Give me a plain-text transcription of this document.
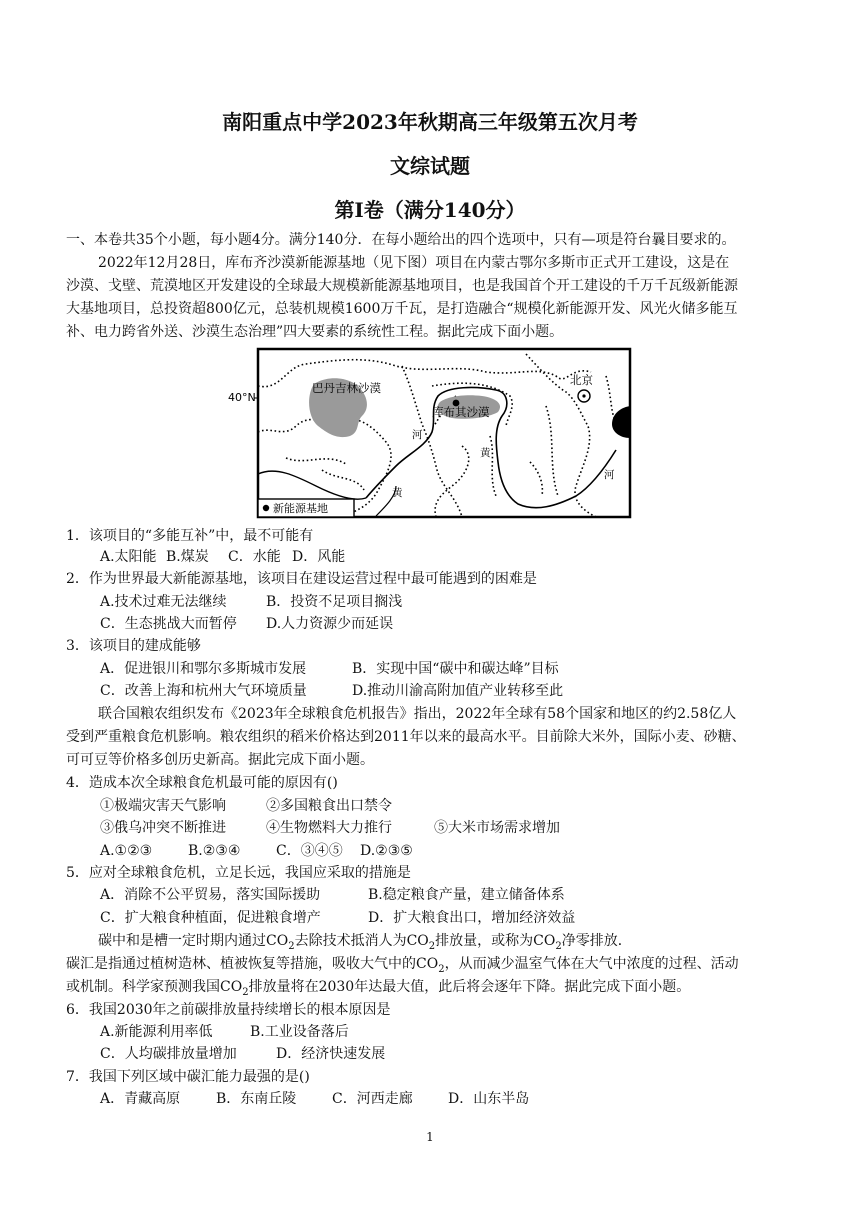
南阳重点中学2023年秋期高三年级第五次月考
文综试题
第Ⅰ卷（满分140分）
一、本卷共35个小题，每小题4分。满分140分．在每小题给出的四个选项中，只有—项是符台曩目要求的。
2022年12月28日，库布齐沙漠新能源基地（见下图）项目在内蒙古鄂尔多斯市正式开工建设，这是在
沙漠、戈壁、荒漠地区开发建设的全球最大规模新能源基地项目，也是我国首个开工建设的千万千瓦级新能源
大基地项目，总投资超800亿元，总装机规模1600万千瓦，是打造融合“规模化新能源开发、风光火储多能互
补、电力跨省外送、沙漠生态治理”四大要素的系统性工程。据此完成下面小题。
40°N
巴丹吉林沙漠
库布其沙漠
北京
河
黄
黄
河
新能源基地
1．该项目的“多能互补”中，最不可能有
A.太阳能 B.煤炭 C．水能 D．风能
2．作为世界最大新能源基地，该项目在建设运营过程中最可能遇到的困难是
A.技术过难无法继续	B．投资不足项目搁浅
C．生态挑战大而暂停 D.人力资源少而延误
3．该项目的建成能够
A．促进银川和鄂尔多斯城市发展	B．实现中国“碳中和碳达峰”目标
C．改善上海和杭州大气环境质量	D.推动川渝高附加值产业转移至此
联合国粮农组织发布《2023年全球粮食危机报告》指出，2022年全球有58个国家和地区的约2.58亿人
受到严重粮食危机影响。粮农组织的稻米价格达到2011年以来的最高水平。目前除大米外，国际小麦、砂糖、
可可豆等价格多创历史新高。据此完成下面小题。
4．造成本次全球粮食危机最可能的原因有()
①极端灾害天气影响	②多国粮食出口禁令
③俄乌冲突不断推进	④生物燃料大力推行	⑤大米市场需求增加
A.①②③	B.②③④	C．③④⑤ D.②③⑤
5．应对全球粮食危机，立足长远，我国应采取的措施是
A．消除不公平贸易，落实国际援助	B.稳定粮食产量，建立储备体系
C．扩大粮食种植面，促进粮食增产	D．扩大粮食出口，增加经济效益
碳中和是槽一定时期内通过$CO_2$去除技术抵消人为$CO_2$排放量，或称为$CO_2$净零排放．
碳汇是指通过植树造林、植被恢复等措施，吸收大气中的$CO_2$，从而减少温室气体在大气中浓度的过程、活动
或机制。科学家预测我国$CO_2$排放量将在2030年达最大值，此后将会逐年下降。据此完成下面小题。
6．我国2030年之前碳排放量持续增长的根本原因是
A.新能源利用率低	B.工业设备落后
C．人均碳排放量增加	D．经济快速发展
7．我国下列区域中碳汇能力最强的是()
A．青藏高原	B．东南丘陵	C．河西走廊	D．山东半岛
1
